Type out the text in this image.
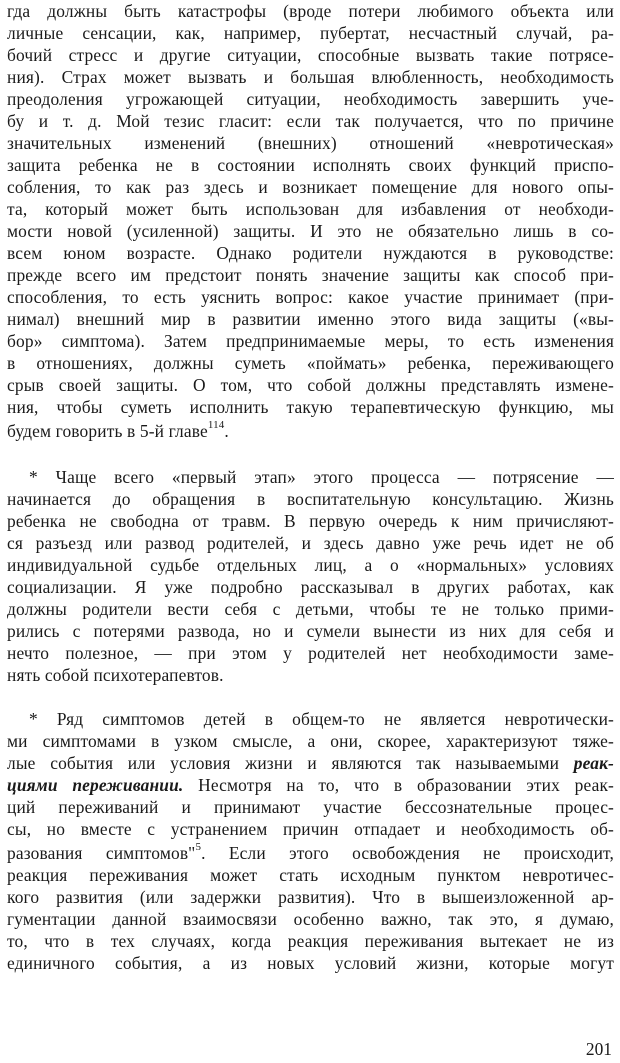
гда должны быть катастрофы (вроде потери любимого объекта или
личные сенсации, как, например, пубертат, несчастный случай, ра-
бочий стресс и другие ситуации, способные вызвать такие потрясе-
ния). Страх может вызвать и большая влюбленность, необходимость
преодоления угрожающей ситуации, необходимость завершить уче-
бу и т. д. Мой тезис гласит: если так получается, что по причине
значительных изменений (внешних) отношений «невротическая»
защита ребенка не в состоянии исполнять своих функций приспо-
собления, то как раз здесь и возникает помещение для нового опы-
та, который может быть использован для избавления от необходи-
мости новой (усиленной) защиты. И это не обязательно лишь в со-
всем юном возрасте. Однако родители нуждаются в руководстве:
прежде всего им предстоит понять значение защиты как способ при-
способления, то есть уяснить вопрос: какое участие принимает (при-
нимал) внешний мир в развитии именно этого вида защиты («вы-
бор» симптома). Затем предпринимаемые меры, то есть изменения
в отношениях, должны суметь «поймать» ребенка, переживающего
срыв своей защиты. О том, что собой должны представлять измене-
ния, чтобы суметь исполнить такую терапевтическую функцию, мы
будем говорить в 5-й главе$^{114}$.
* Чаще всего «первый этап» этого процесса — потрясение —
начинается до обращения в воспитательную консультацию. Жизнь
ребенка не свободна от травм. В первую очередь к ним причисляют-
ся разъезд или развод родителей, и здесь давно уже речь идет не об
индивидуальной судьбе отдельных лиц, а о «нормальных» условиях
социализации. Я уже подробно рассказывал в других работах, как
должны родители вести себя с детьми, чтобы те не только прими-
рились с потерями развода, но и сумели вынести из них для себя и
нечто полезное, — при этом у родителей нет необходимости заме-
нять собой психотерапевтов.
* Ряд симптомов детей в общем-то не является невротически-
ми симптомами в узком смысле, а они, скорее, характеризуют тяже-
лые события или условия жизни и являются так называемыми реак-
циями переживании. Несмотря на то, что в образовании этих реак-
ций переживаний и принимают участие бессознательные процес-
сы, но вместе с устранением причин отпадает и необходимость об-
разования симптомов"$^5$. Если этого освобождения не происходит,
реакция переживания может стать исходным пунктом невротичес-
кого развития (или задержки развития). Что в вышеизложенной ар-
гументации данной взаимосвязи особенно важно, так это, я думаю,
то, что в тех случаях, когда реакция переживания вытекает не из
единичного события, а из новых условий жизни, которые могут
201
